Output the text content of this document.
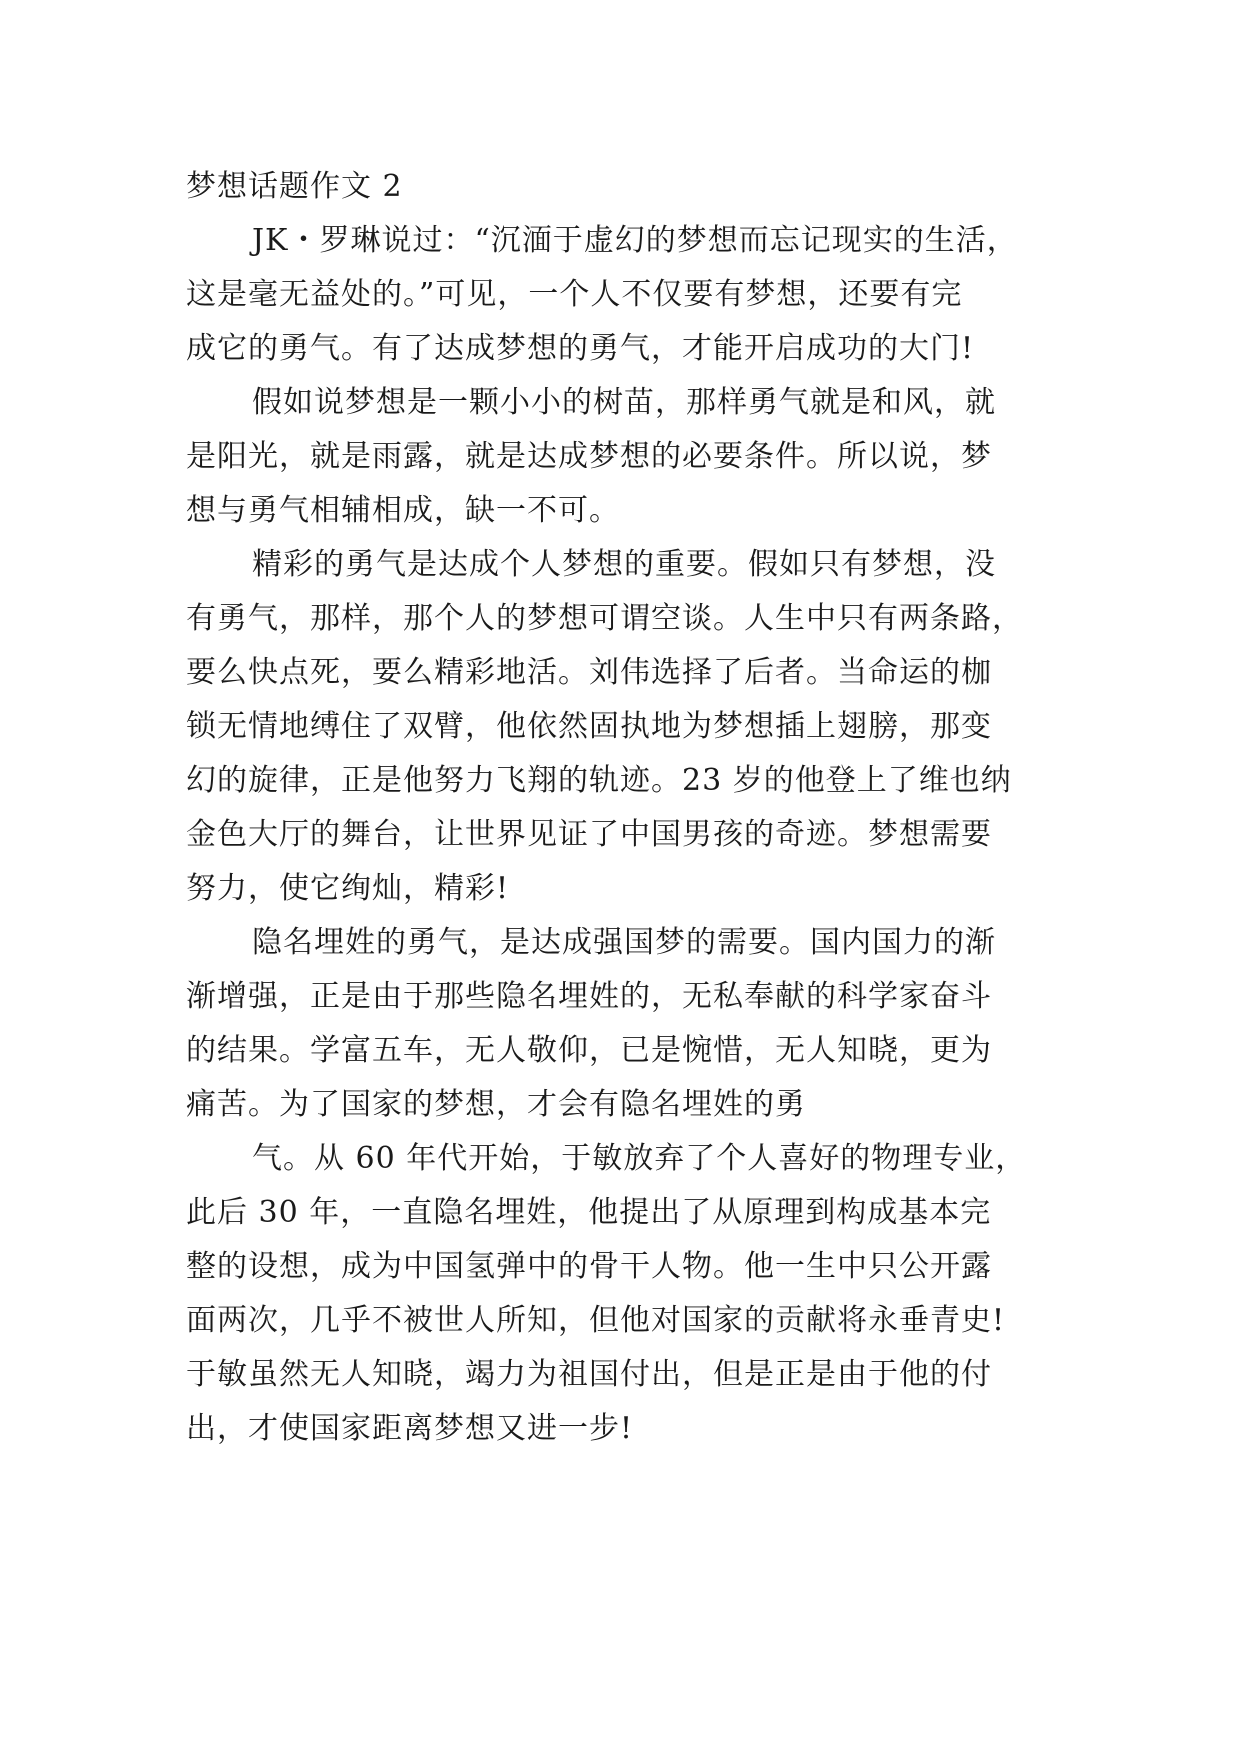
梦想话题作文 2

JK・罗琳说过：“沉湎于虚幻的梦想而忘记现实的生活，

这是毫无益处的。”可见，一个人不仅要有梦想，还要有完

成它的勇气。有了达成梦想的勇气，才能开启成功的大门!

假如说梦想是一颗小小的树苗，那样勇气就是和风，就

是阳光，就是雨露，就是达成梦想的必要条件。所以说，梦

想与勇气相辅相成，缺一不可。

精彩的勇气是达成个人梦想的重要。假如只有梦想，没

有勇气，那样，那个人的梦想可谓空谈。人生中只有两条路，

要么快点死，要么精彩地活。刘伟选择了后者。当命运的枷

锁无情地缚住了双臂，他依然固执地为梦想插上翅膀，那变

幻的旋律，正是他努力飞翔的轨迹。23 岁的他登上了维也纳

金色大厅的舞台，让世界见证了中国男孩的奇迹。梦想需要

努力，使它绚灿，精彩!

隐名埋姓的勇气，是达成强国梦的需要。国内国力的渐

渐增强，正是由于那些隐名埋姓的，无私奉献的科学家奋斗

的结果。学富五车，无人敬仰，已是惋惜，无人知晓，更为

痛苦。为了国家的梦想，才会有隐名埋姓的勇

气。从 60 年代开始，于敏放弃了个人喜好的物理专业，

此后 30 年，一直隐名埋姓，他提出了从原理到构成基本完

整的设想，成为中国氢弹中的骨干人物。他一生中只公开露

面两次，几乎不被世人所知，但他对国家的贡献将永垂青史!

于敏虽然无人知晓，竭力为祖国付出，但是正是由于他的付

出，才使国家距离梦想又进一步!
